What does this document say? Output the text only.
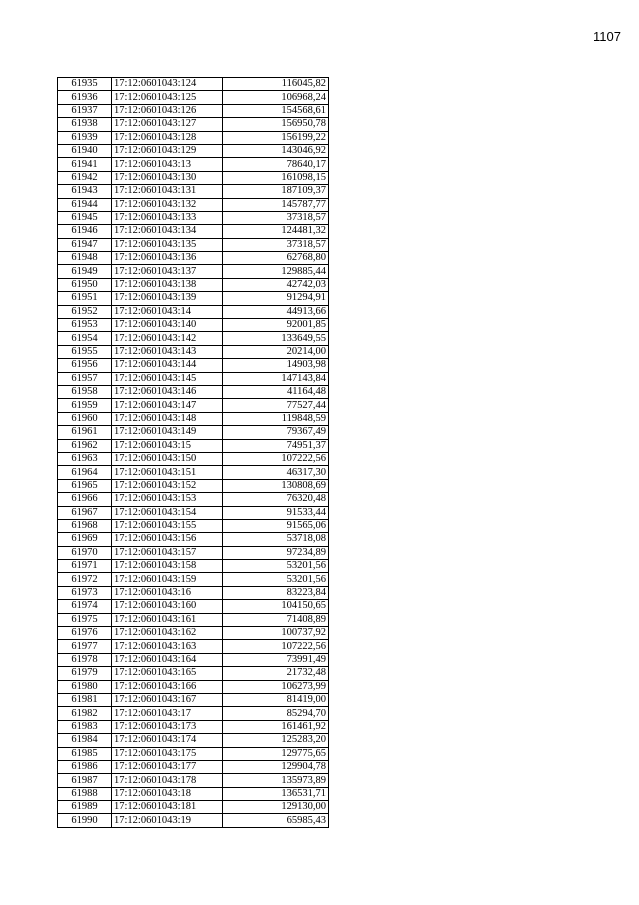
1107
61935	17:12:0601043:124	116045,82
61936	17:12:0601043:125	106968,24
61937	17:12:0601043:126	154568,61
61938	17:12:0601043:127	156950,78
61939	17:12:0601043:128	156199,22
61940	17:12:0601043:129	143046,92
61941	17:12:0601043:13	78640,17
61942	17:12:0601043:130	161098,15
61943	17:12:0601043:131	187109,37
61944	17:12:0601043:132	145787,77
61945	17:12:0601043:133	37318,57
61946	17:12:0601043:134	124481,32
61947	17:12:0601043:135	37318,57
61948	17:12:0601043:136	62768,80
61949	17:12:0601043:137	129885,44
61950	17:12:0601043:138	42742,03
61951	17:12:0601043:139	91294,91
61952	17:12:0601043:14	44913,66
61953	17:12:0601043:140	92001,85
61954	17:12:0601043:142	133649,55
61955	17:12:0601043:143	20214,00
61956	17:12:0601043:144	14903,98
61957	17:12:0601043:145	147143,84
61958	17:12:0601043:146	41164,48
61959	17:12:0601043:147	77527,44
61960	17:12:0601043:148	119848,59
61961	17:12:0601043:149	79367,49
61962	17:12:0601043:15	74951,37
61963	17:12:0601043:150	107222,56
61964	17:12:0601043:151	46317,30
61965	17:12:0601043:152	130808,69
61966	17:12:0601043:153	76320,48
61967	17:12:0601043:154	91533,44
61968	17:12:0601043:155	91565,06
61969	17:12:0601043:156	53718,08
61970	17:12:0601043:157	97234,89
61971	17:12:0601043:158	53201,56
61972	17:12:0601043:159	53201,56
61973	17:12:0601043:16	83223,84
61974	17:12:0601043:160	104150,65
61975	17:12:0601043:161	71408,89
61976	17:12:0601043:162	100737,92
61977	17:12:0601043:163	107222,56
61978	17:12:0601043:164	73991,49
61979	17:12:0601043:165	21732,48
61980	17:12:0601043:166	106273,99
61981	17:12:0601043:167	81419,00
61982	17:12:0601043:17	85294,70
61983	17:12:0601043:173	161461,92
61984	17:12:0601043:174	125283,20
61985	17:12:0601043:175	129775,65
61986	17:12:0601043:177	129904,78
61987	17:12:0601043:178	135973,89
61988	17:12:0601043:18	136531,71
61989	17:12:0601043:181	129130,00
61990	17:12:0601043:19	65985,43
